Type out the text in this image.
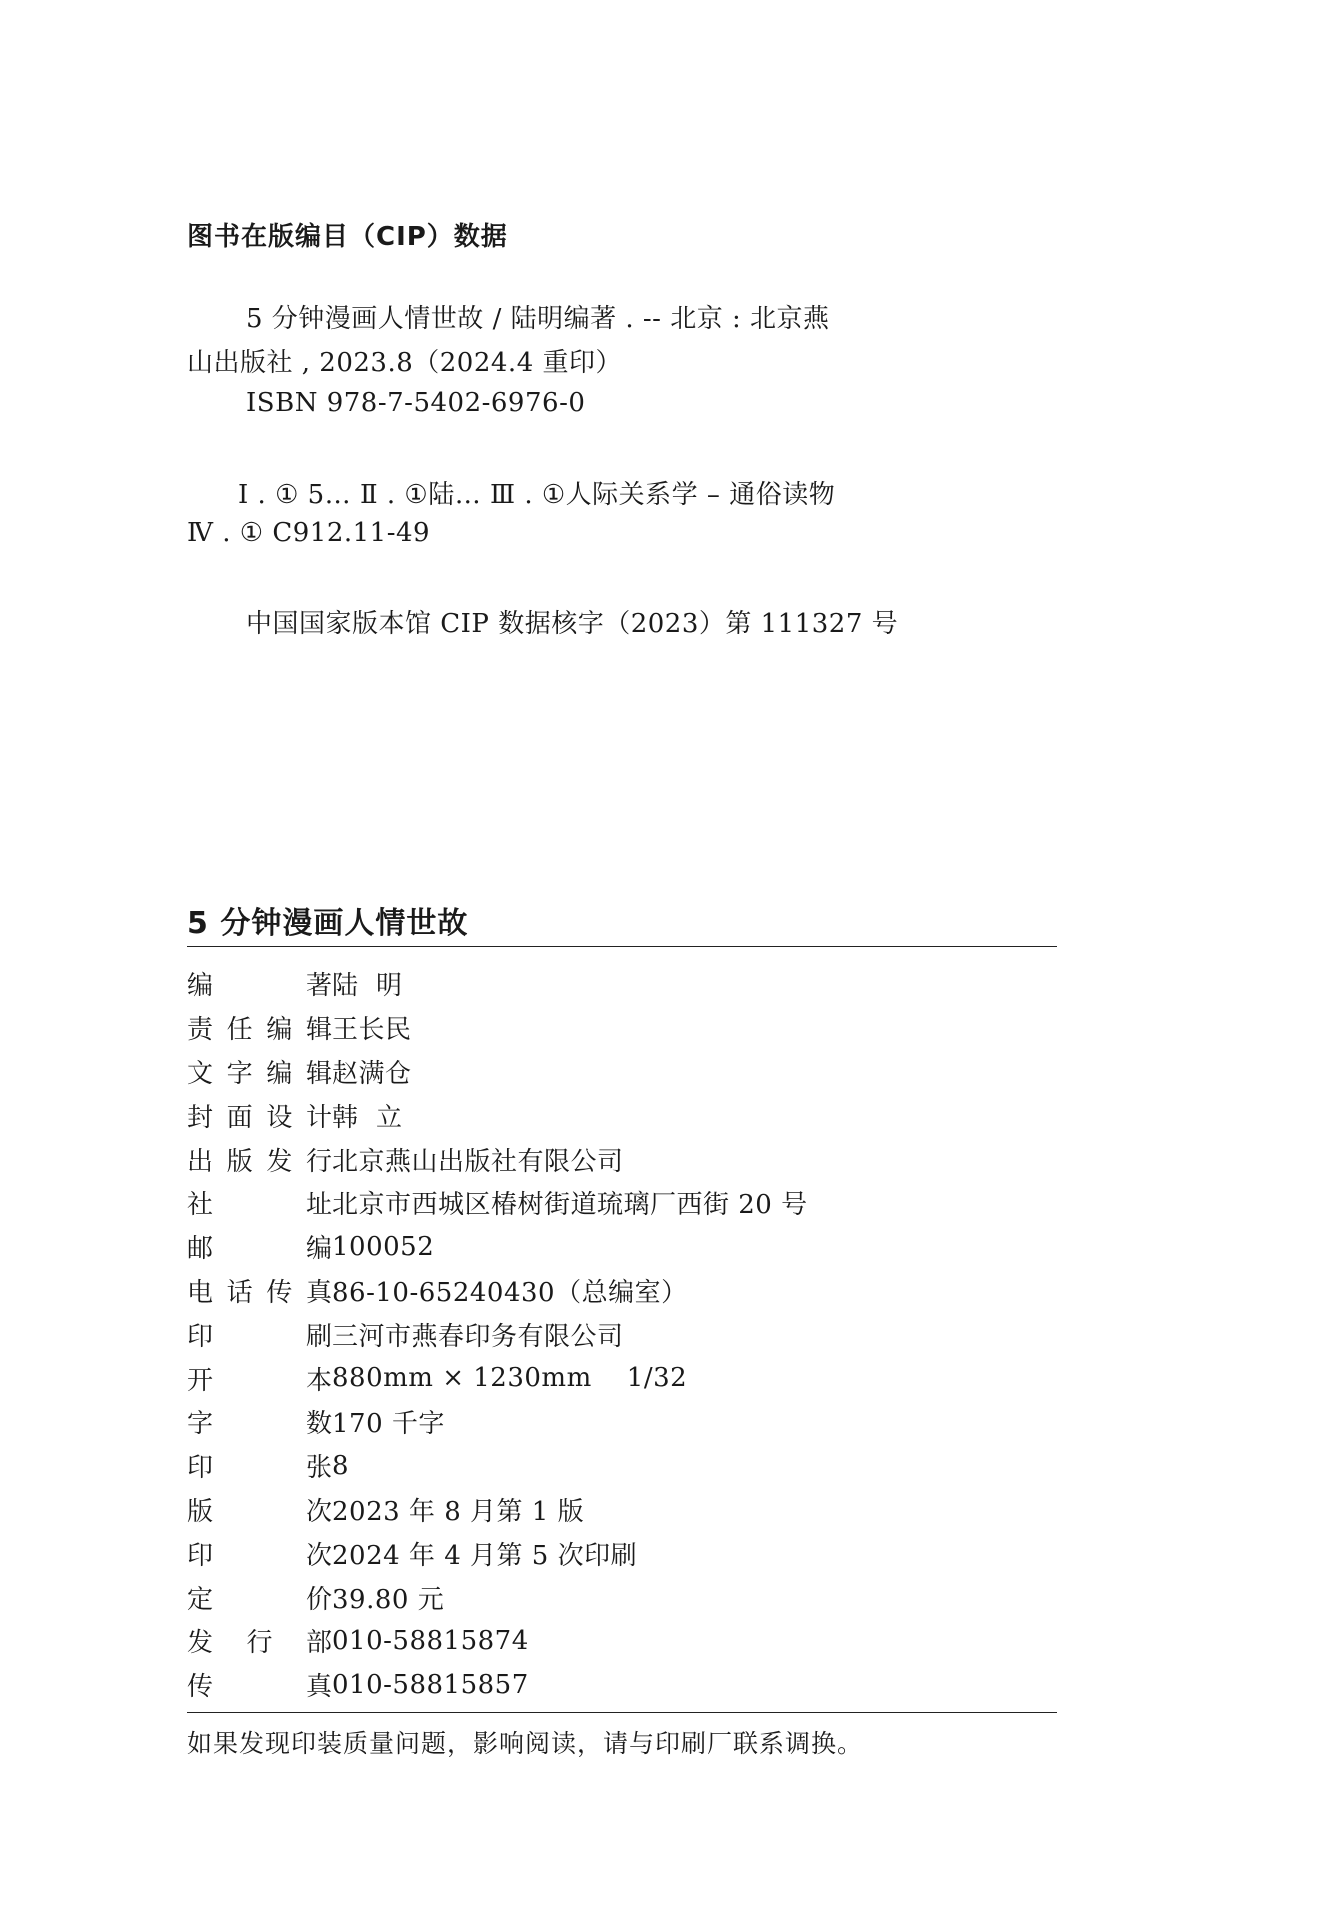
图书在版编目（CIP）数据
5 分钟漫画人情世故 / 陆明编著 . -- 北京 : 北京燕
山出版社 , 2023.8（2024.4 重印）
ISBN 978-7-5402-6976-0
Ⅰ . ① 5… Ⅱ . ①陆… Ⅲ . ①人际关系学 – 通俗读物
Ⅳ . ① C912.11-49
中国国家版本馆 CIP 数据核字（2023）第 111327 号
5 分钟漫画人情世故
编	著 陆  明
责 任 编 辑 王长民
文 字 编 辑 赵满仓
封 面 设 计 韩  立
出 版 发 行 北京燕山出版社有限公司
社	址 北京市西城区椿树街道琉璃厂西街 20 号
邮	编 100052
电 话 传 真 86-10-65240430（总编室）
印	刷 三河市燕春印务有限公司
开	本 880mm × 1230mm    1/32
字	数 170 千字
印	张 8
版	次 2023 年 8 月第 1 版
印	次 2024 年 4 月第 5 次印刷
定	价 39.80 元
发 行 部 010-58815874
传	真 010-58815857
如果发现印装质量问题，影响阅读，请与印刷厂联系调换。
